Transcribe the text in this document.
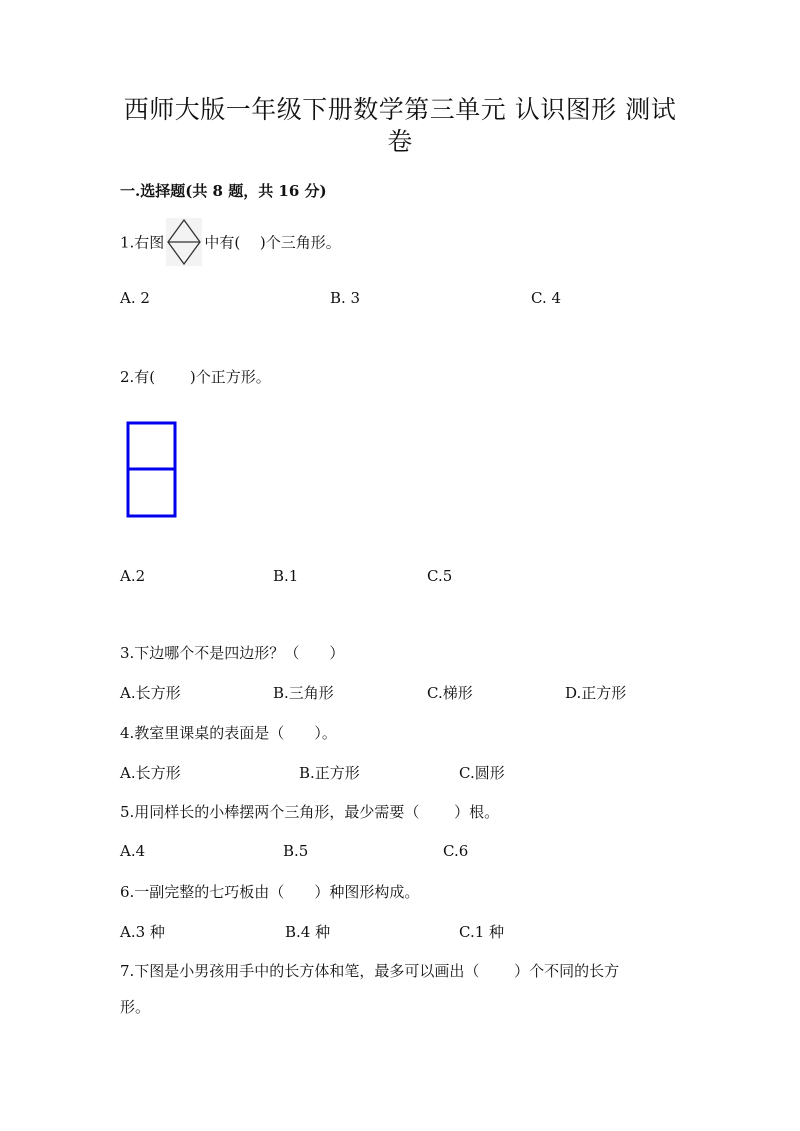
西师大版一年级下册数学第三单元 认识图形 测试
卷
一.选择题(共 8 题，共 16 分)
1.右图	中有(　 )个三角形。
A. 2	B. 3	C. 4
2.有(　　 )个正方形。
A.2	B.1	C.5
3.下边哪个不是四边形？（　　）
A.长方形	B.三角形	C.梯形	D.正方形
4.教室里课桌的表面是（　　）。
A.长方形	B.正方形	C.圆形
5.用同样长的小棒摆两个三角形，最少需要（　　 ）根。
A.4	B.5	C.6
6.一副完整的七巧板由（　　）种图形构成。
A.3 种	B.4 种	C.1 种
7.下图是小男孩用手中的长方体和笔，最多可以画出（　　 ）个不同的长方
形。
